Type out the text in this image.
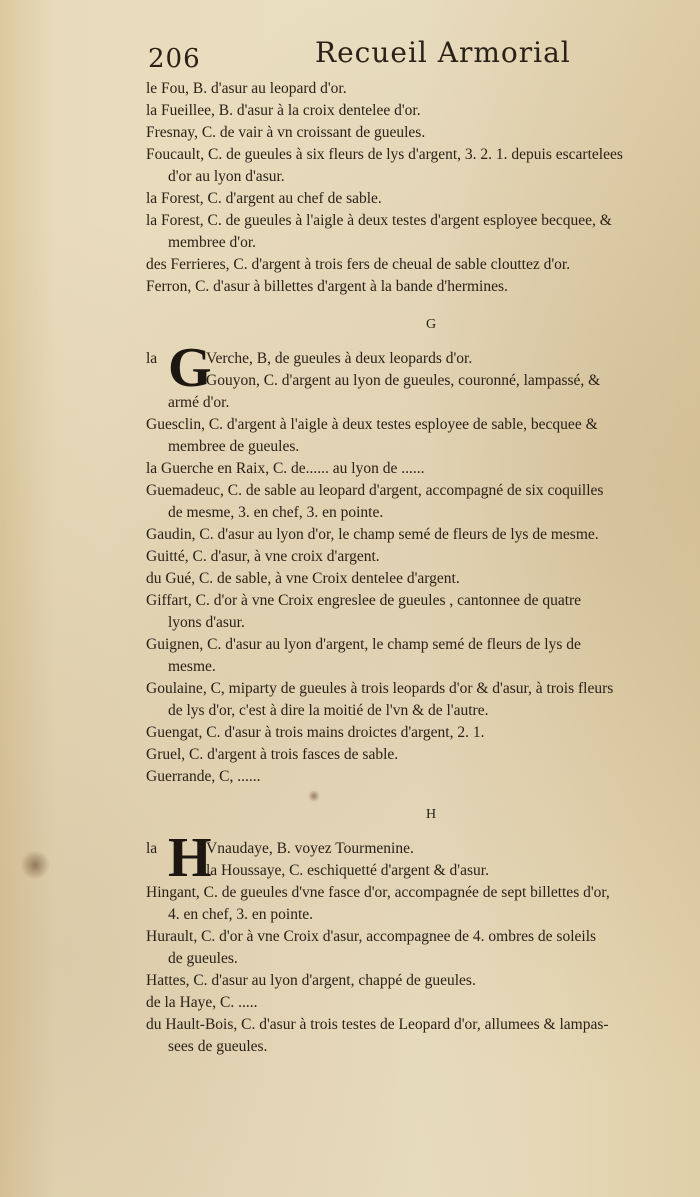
206	Recueil Armorial
le Fou, B. d'asur au leopard d'or.
la Fueillee, B. d'asur à la croix dentelee d'or.
Fresnay, C. de vair à vn croissant de gueules.
Foucault, C. de gueules à six fleurs de lys d'argent, 3. 2. 1. depuis escartelees
d'or au lyon d'asur.
la Forest, C. d'argent au chef de sable.
la Forest, C. de gueules à l'aigle à deux testes d'argent esployee becquee, &
membree d'or.
des Ferrieres, C. d'argent à trois fers de cheual de sable clouttez d'or.
Ferron, C. d'asur à billettes d'argent à la bande d'hermines.
G
la G
Verche, B, de gueules à deux leopards d'or.
Gouyon, C. d'argent au lyon de gueules, couronné, lampassé, &
armé d'or.
Guesclin, C. d'argent à l'aigle à deux testes esployee de sable, becquee &
membree de gueules.
la Guerche en Raix, C. de...... au lyon de ......
Guemadeuc, C. de sable au leopard d'argent, accompagné de six coquilles
de mesme, 3. en chef, 3. en pointe.
Gaudin, C. d'asur au lyon d'or, le champ semé de fleurs de lys de mesme.
Guitté, C. d'asur, à vne croix d'argent.
du Gué, C. de sable, à vne Croix dentelee d'argent.
Giffart, C. d'or à vne Croix engreslee de gueules , cantonnee de quatre
lyons d'asur.
Guignen, C. d'asur au lyon d'argent, le champ semé de fleurs de lys de
mesme.
Goulaine, C, miparty de gueules à trois leopards d'or & d'asur, à trois fleurs
de lys d'or, c'est à dire la moitié de l'vn & de l'autre.
Guengat, C. d'asur à trois mains droictes d'argent, 2. 1.
Gruel, C. d'argent à trois fasces de sable.
Guerrande, C, ......
H
la H
Vnaudaye, B. voyez Tourmenine.
la Houssaye, C. eschiquetté d'argent & d'asur.
Hingant, C. de gueules d'vne fasce d'or, accompagnée de sept billettes d'or,
4. en chef, 3. en pointe.
Hurault, C. d'or à vne Croix d'asur, accompagnee de 4. ombres de soleils
de gueules.
Hattes, C. d'asur au lyon d'argent, chappé de gueules.
de la Haye, C. .....
du Hault-Bois, C. d'asur à trois testes de Leopard d'or, allumees & lampas-
sees de gueules.
